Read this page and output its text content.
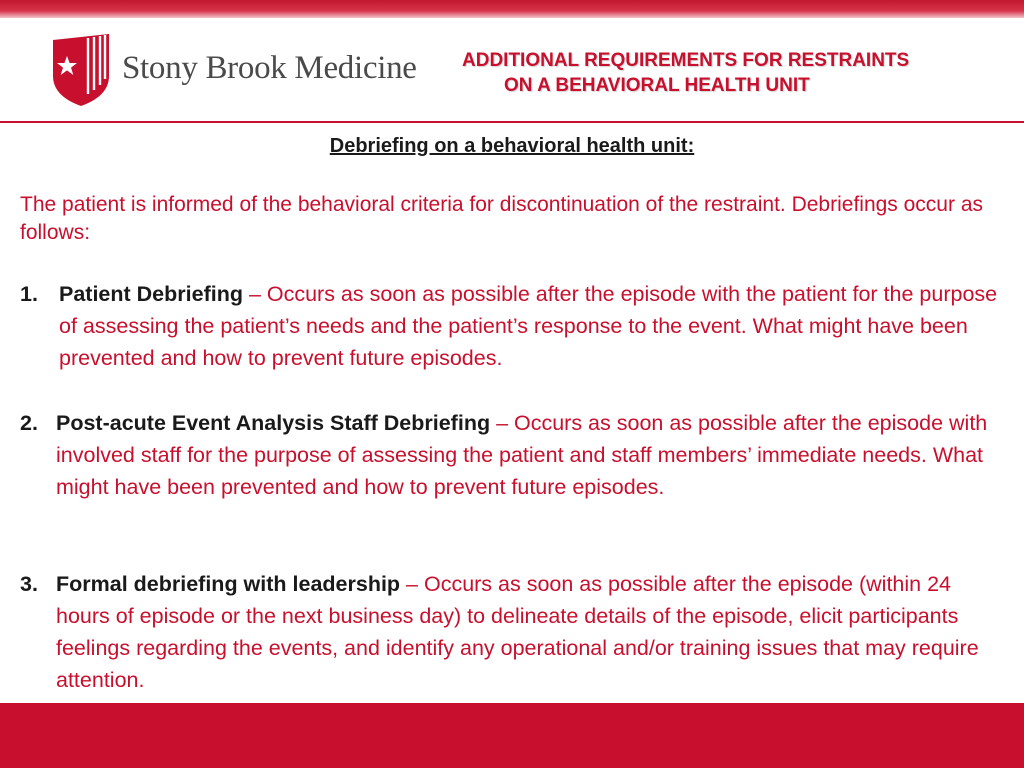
Stony Brook Medicine ADDITIONAL REQUIREMENTS FOR RESTRAINTS
ON A BEHAVIORAL HEALTH UNIT
Debriefing on a behavioral health unit:
The patient is informed of the behavioral criteria for discontinuation of the restraint. Debriefings occur as follows:
1. Patient Debriefing – Occurs as soon as possible after the episode with the patient for the purpose of assessing the patient’s needs and the patient’s response to the event. What might have been prevented and how to prevent future episodes.
2. Post-acute Event Analysis Staff Debriefing – Occurs as soon as possible after the episode with involved staff for the purpose of assessing the patient and staff members’ immediate needs. What might have been prevented and how to prevent future episodes.
3. Formal debriefing with leadership – Occurs as soon as possible after the episode (within 24 hours of episode or the next business day) to delineate details of the episode, elicit participants feelings regarding the events, and identify any operational and/or training issues that may require attention.
